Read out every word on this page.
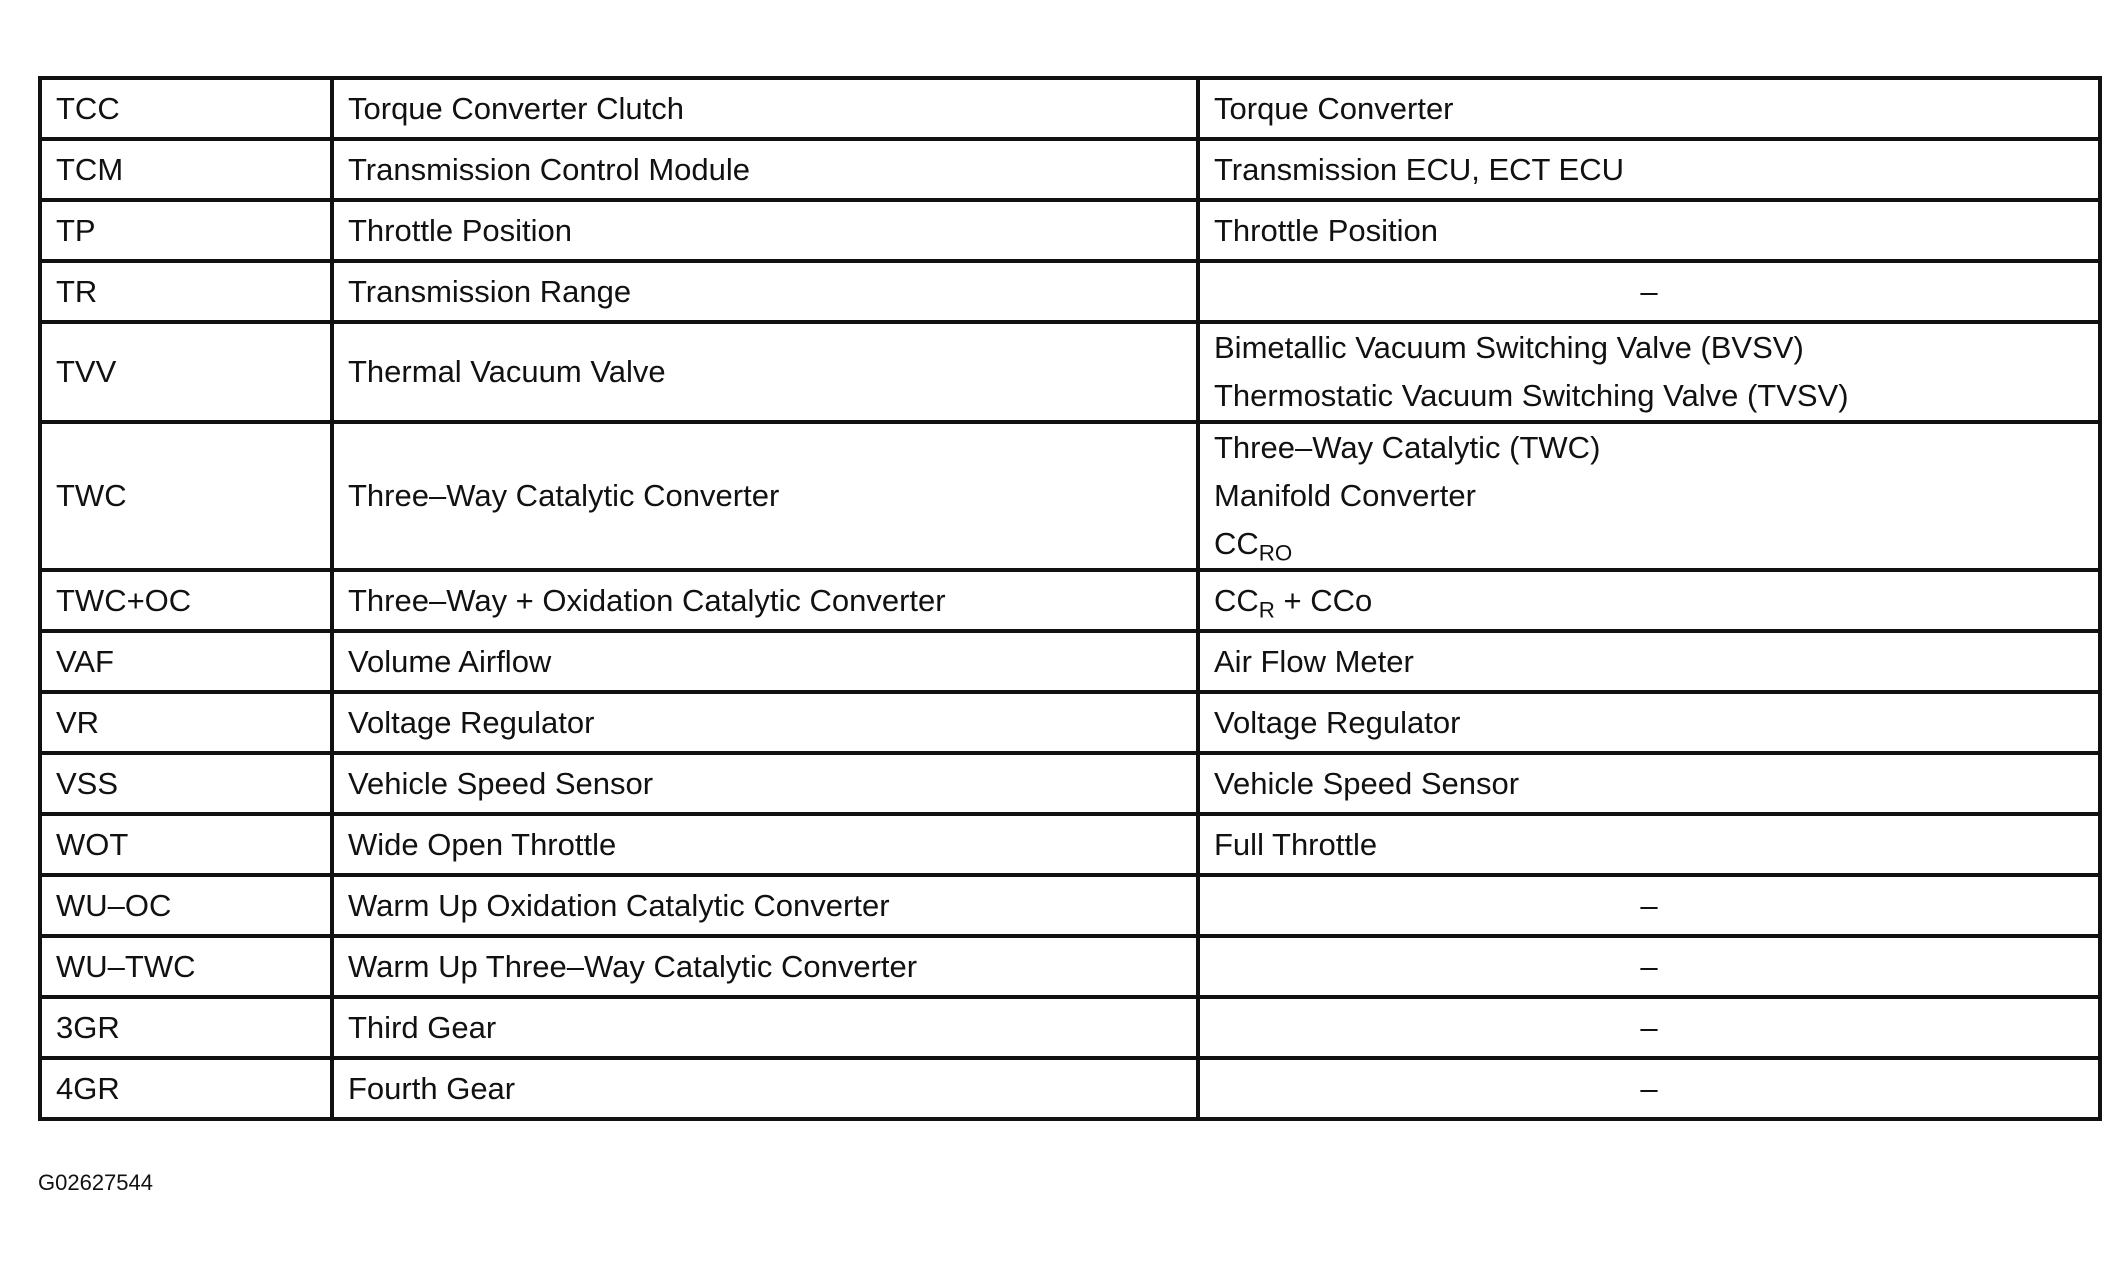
TCC	Torque Converter Clutch	Torque Converter

TCM	Transmission Control Module	Transmission ECU, ECT ECU

TP	Throttle Position	Throttle Position

TR	Transmission Range	–
TVV	Thermal Vacuum Valve	Bimetallic Vacuum Switching Valve (BVSV)
Thermostatic Vacuum Switching Valve (TVSV)

TWC	Three–Way Catalytic Converter	Three–Way Catalytic (TWC)
Manifold Converter
$CC_{RO}$

TWC+OC	Three–Way + Oxidation Catalytic Converter	$CC_R$ + CCo

VAF	Volume Airflow	Air Flow Meter

VR	Voltage Regulator	Voltage Regulator

VSS	Vehicle Speed Sensor	Vehicle Speed Sensor

WOT	Wide Open Throttle	Full Throttle

WU–OC	Warm Up Oxidation Catalytic Converter	–
WU–TWC	Warm Up Three–Way Catalytic Converter	–
3GR	Third Gear	–
4GR	Fourth Gear	–
G02627544
